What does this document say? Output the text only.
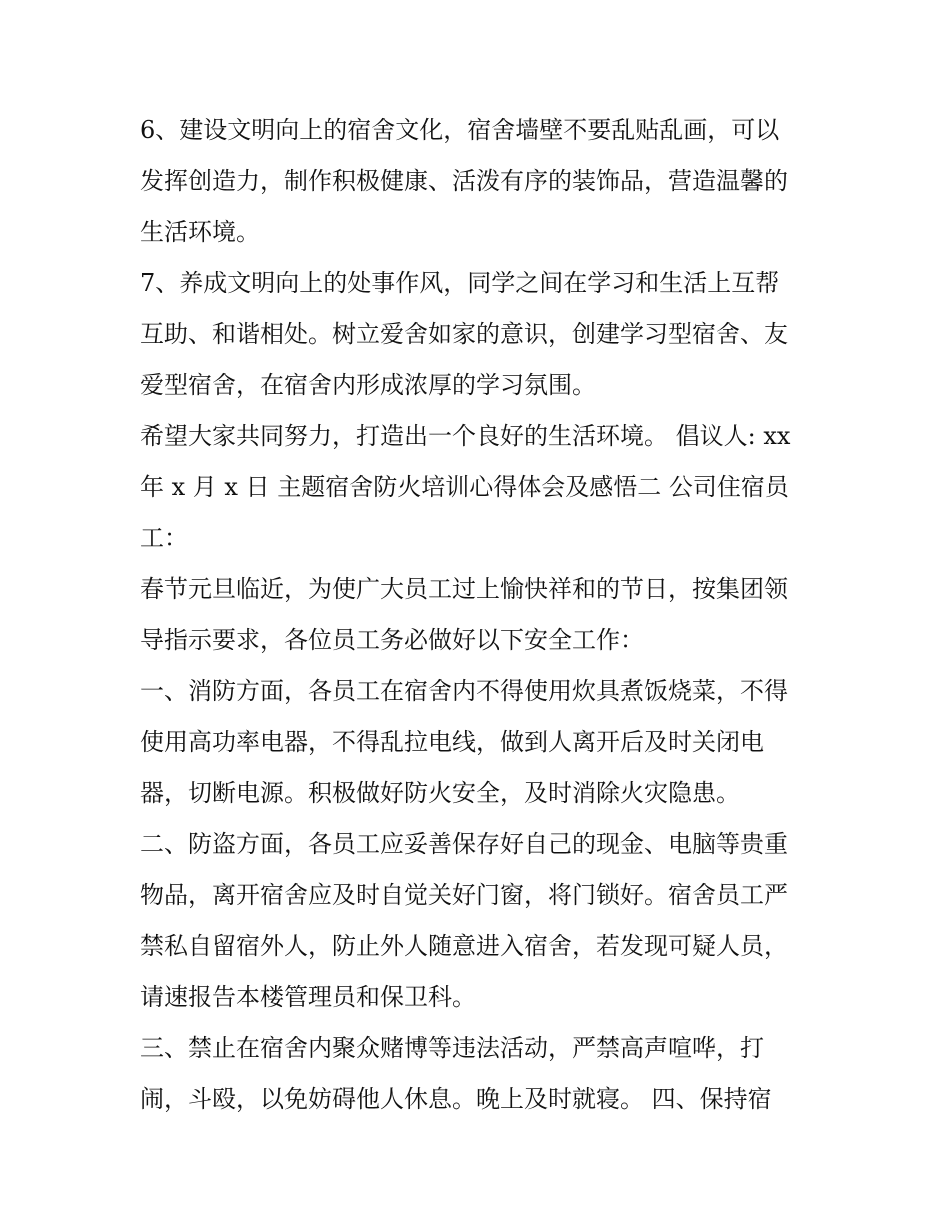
6、建设文明向上的宿舍文化，宿舍墙壁不要乱贴乱画，可以
发挥创造力，制作积极健康、活泼有序的装饰品，营造温馨的
生活环境。
7、养成文明向上的处事作风，同学之间在学习和生活上互帮
互助、和谐相处。树立爱舍如家的意识，创建学习型宿舍、友
爱型宿舍，在宿舍内形成浓厚的学习氛围。
希望大家共同努力，打造出一个良好的生活环境。 倡议人: xx
年 x 月 x 日 主题宿舍防火培训心得体会及感悟二 公司住宿员
工：
春节元旦临近，为使广大员工过上愉快祥和的节日，按集团领
导指示要求，各位员工务必做好以下安全工作：
一、消防方面，各员工在宿舍内不得使用炊具煮饭烧菜，不得
使用高功率电器，不得乱拉电线，做到人离开后及时关闭电
器，切断电源。积极做好防火安全，及时消除火灾隐患。
二、防盗方面，各员工应妥善保存好自己的现金、电脑等贵重
物品，离开宿舍应及时自觉关好门窗，将门锁好。宿舍员工严
禁私自留宿外人，防止外人随意进入宿舍，若发现可疑人员，
请速报告本楼管理员和保卫科。
三、禁止在宿舍内聚众赌博等违法活动，严禁高声喧哗，打
闹，斗殴，以免妨碍他人休息。晚上及时就寝。 四、保持宿
